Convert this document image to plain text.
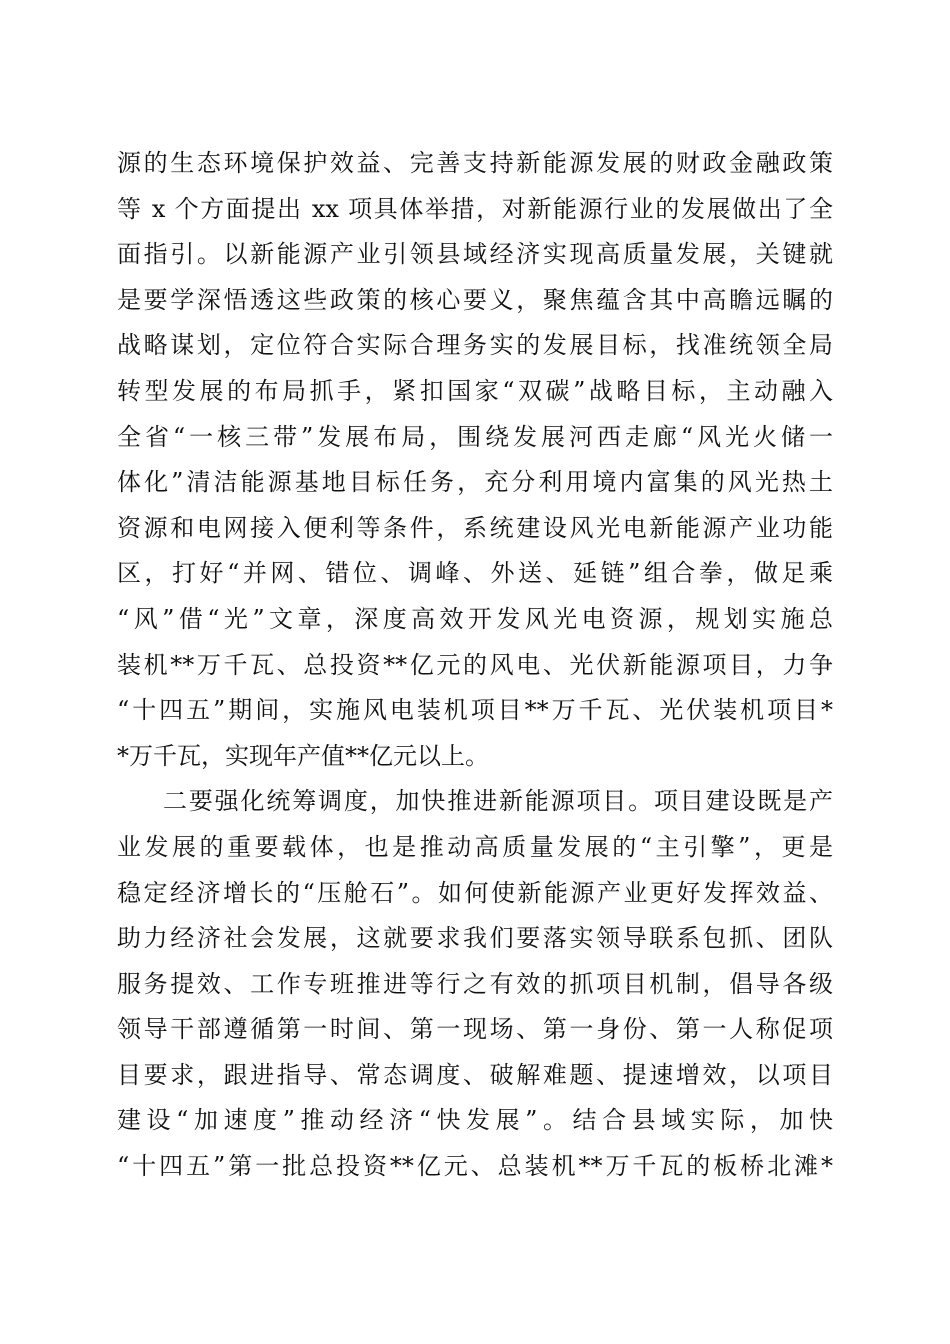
源的生态环境保护效益、完善支持新能源发展的财政金融政策
等 x 个方面提出 xx 项具体举措，对新能源行业的发展做出了全
面指引。以新能源产业引领县域经济实现高质量发展，关键就
是要学深悟透这些政策的核心要义，聚焦蕴含其中高瞻远瞩的
战略谋划，定位符合实际合理务实的发展目标，找准统领全局
转型发展的布局抓手，紧扣国家“双碳”战略目标，主动融入
全省“一核三带”发展布局，围绕发展河西走廊“风光火储一
体化”清洁能源基地目标任务，充分利用境内富集的风光热土
资源和电网接入便利等条件，系统建设风光电新能源产业功能
区，打好“并网、错位、调峰、外送、延链”组合拳，做足乘
“风”借“光”文章，深度高效开发风光电资源，规划实施总
装机**万千瓦、总投资**亿元的风电、光伏新能源项目，力争
“十四五”期间，实施风电装机项目**万千瓦、光伏装机项目*
*万千瓦，实现年产值**亿元以上。
二要强化统筹调度，加快推进新能源项目。项目建设既是产
业发展的重要载体，也是推动高质量发展的“主引擎”，更是
稳定经济增长的“压舱石”。如何使新能源产业更好发挥效益、
助力经济社会发展，这就要求我们要落实领导联系包抓、团队
服务提效、工作专班推进等行之有效的抓项目机制，倡导各级
领导干部遵循第一时间、第一现场、第一身份、第一人称促项
目要求，跟进指导、常态调度、破解难题、提速增效，以项目
建设“加速度”推动经济“快发展”。结合县域实际，加快
“十四五”第一批总投资**亿元、总装机**万千瓦的板桥北滩*
